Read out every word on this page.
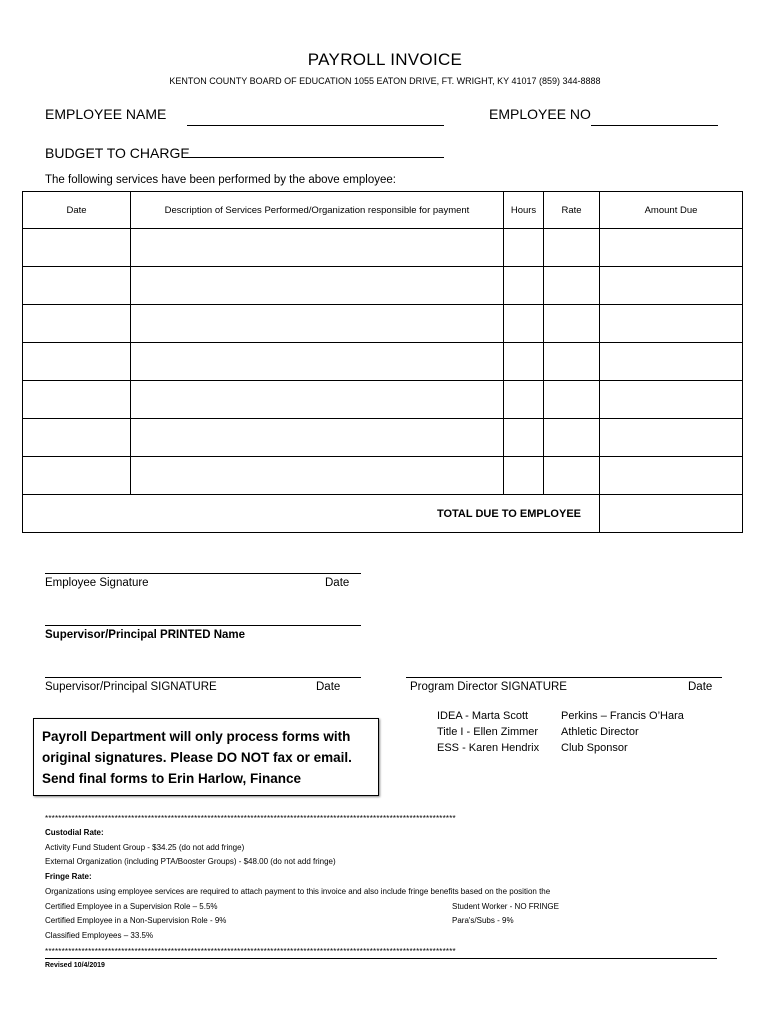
PAYROLL INVOICE
KENTON COUNTY BOARD OF EDUCATION 1055 EATON DRIVE, FT. WRIGHT, KY 41017 (859) 344-8888
EMPLOYEE NAME	EMPLOYEE NO
BUDGET TO CHARGE
The following services have been performed by the above employee:
Date	Description of Services Performed/Organization responsible for payment	Hours	Rate	Amount Due

TOTAL DUE TO EMPLOYEE				
Employee Signature	Date
Supervisor/Principal PRINTED Name
Supervisor/Principal SIGNATURE	Date	Program Director SIGNATURE	Date
Payroll Department will only process forms with
original signatures. Please DO NOT fax or email.
Send final forms to Erin Harlow, Finance
IDEA - Marta Scott
Title I - Ellen Zimmer
ESS - Karen Hendrix
Perkins – Francis O’Hara
Athletic Director
Club Sponsor
****************************************************************************************************************************
Custodial Rate:
Activity Fund Student Group - $34.25 (do not add fringe)
External Organization (including PTA/Booster Groups) - $48.00 (do not add fringe)
Fringe Rate:
Organizations using employee services are required to attach payment to this invoice and also include fringe benefits based on the position the
Certified Employee in a Supervision Role – 5.5%	Student Worker - NO FRINGE
Certified Employee in a Non-Supervision Role - 9%	Para's/Subs - 9%
Classified Employees – 33.5%
****************************************************************************************************************************
Revised 10/4/2019
